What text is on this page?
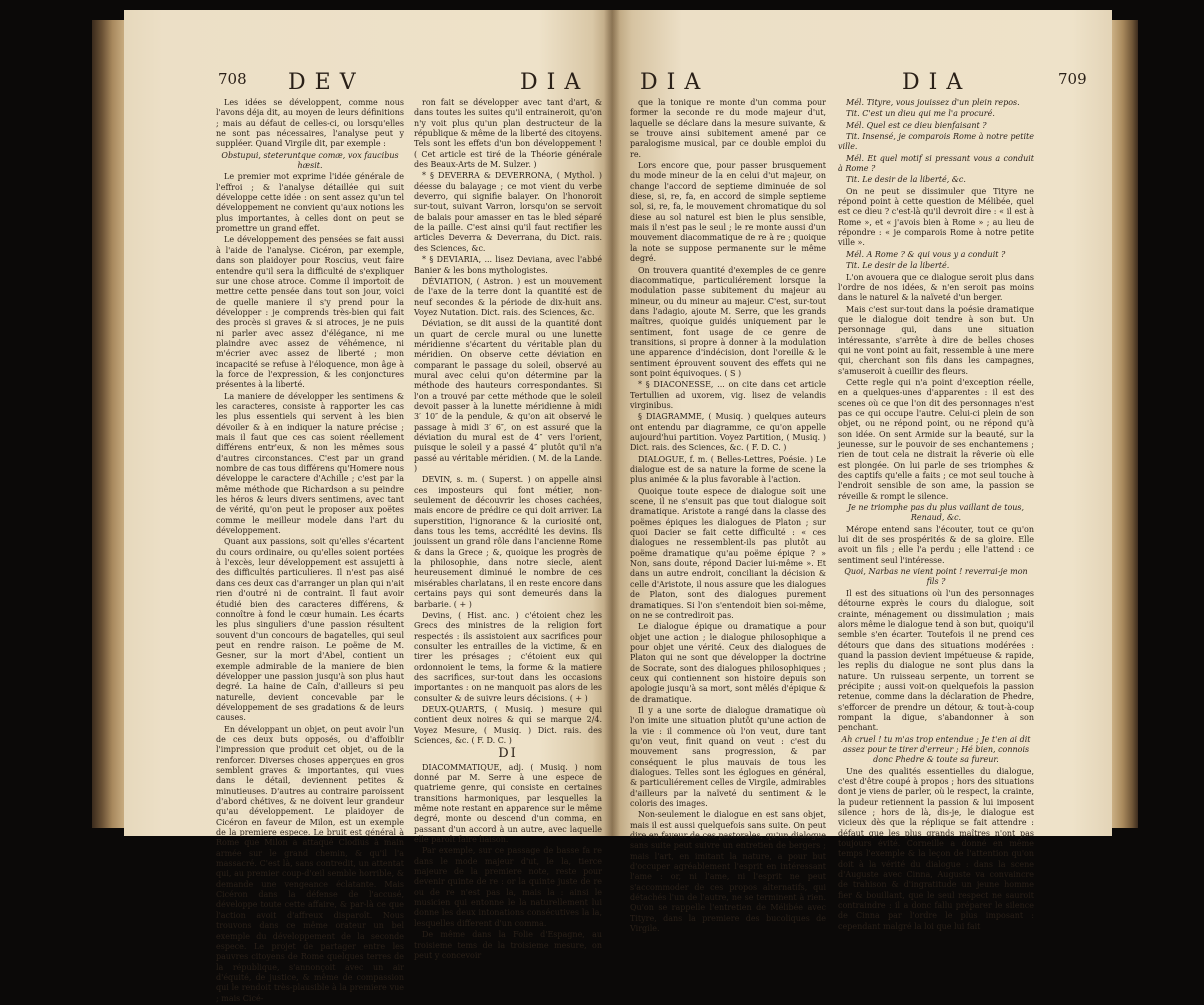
708 DEV	DIA

Les idées se développent, comme nous l'avons déja dit, au moyen de leurs définitions ; mais au défaut de celles-ci, ou lorsqu'elles ne sont pas nécessaires, l'analyse peut y suppléer. Quand Virgile dit, par exemple :

Obstupui, steteruntque comæ, vox faucibus hæsit.

Le premier mot exprime l'idée générale de l'effroi ; & l'analyse détaillée qui suit développe cette idée : on sent assez qu'un tel développement ne convient qu'aux notions les plus importantes, à celles dont on peut se promettre un grand effet.

Le développement des pensées se fait aussi à l'aide de l'analyse. Cicéron, par exemple, dans son plaidoyer pour Roscius, veut faire entendre qu'il sera la difficulté de s'expliquer sur une chose atroce. Comme il importoit de mettre cette pensée dans tout son jour, voici de quelle maniere il s'y prend pour la développer : je comprends très-bien qui fait des procès si graves & si atroces, je ne puis ni parler avec assez d'élégance, ni me plaindre avec assez de véhémence, ni m'écrier avec assez de liberté ; mon incapacité se refuse à l'éloquence, mon âge à la force de l'expression, & les conjonctures présentes à la liberté.

La maniere de développer les sentimens & les caracteres, consiste à rapporter les cas les plus essentiels qui servent à les bien dévoiler & à en indiquer la nature précise ; mais il faut que ces cas soient réellement différens entr'eux, & non les mêmes sous d'autres circonstances. C'est par un grand nombre de cas tous différens qu'Homere nous développe le caractere d'Achille ; c'est par la même méthode que Richardson a su peindre les héros & leurs divers sentimens, avec tant de vérité, qu'on peut le proposer aux poëtes comme le meilleur modele dans l'art du développement.

Quant aux passions, soit qu'elles s'écartent du cours ordinaire, ou qu'elles soient portées à l'excès, leur développement est assujetti à des difficultés particulieres. Il n'est pas aisé dans ces deux cas d'arranger un plan qui n'ait rien d'outré ni de contraint. Il faut avoir étudié bien des caracteres différens, & connoître à fond le cœur humain. Les écarts les plus singuliers d'une passion résultent souvent d'un concours de bagatelles, qui seul peut en rendre raison. Le poëme de M. Gesner, sur la mort d'Abel, contient un exemple admirable de la maniere de bien développer une passion jusqu'à son plus haut degré. La haine de Caïn, d'ailleurs si peu naturelle, devient concevable par le développement de ses gradations & de leurs causes.

En développant un objet, on peut avoir l'un de ces deux buts opposés, ou d'affoiblir l'impression que produit cet objet, ou de la renforcer. Diverses choses apperçues en gros semblent graves & importantes, qui vues dans le détail, deviennent petites & minutieuses. D'autres au contraire paroissent d'abord chétives, & ne doivent leur grandeur qu'au développement. Le plaidoyer de Cicéron en faveur de Milon, est un exemple de la premiere espece. Le bruit est général à Rome que Milon a attaqué Clodius à main armée sur le grand chemin, & qu'il l'a massacré. C'est là, sans contredit, un attentat qui, au premier coup-d'œil semble horrible, & demande une vengeance éclatante. Mais Cicéron dans la défense de l'accusé, développe toute cette affaire, & par-là ce que l'action avoit d'affreux disparoît. Nous trouvons dans ce même orateur un bel exemple du développement de la seconde espece. Le projet de partager entre les pauvres citoyens de Rome quelques terres de la république, s'annonçoit avec un air d'équité, de justice, & même de compassion qui le rendoit très-plausible à la premiere vue ; mais Cicé-

ron fait se développer avec tant d'art, & dans toutes les suites qu'il entraineroit, qu'on n'y voit plus qu'un plan destructeur de la république & même de la liberté des citoyens. Tels sont les effets d'un bon développement ! ( Cet article est tiré de la Théorie générale des Beaux-Arts de M. Sulzer. )

* § DEVERRA & DEVERRONA, ( Mythol. ) déesse du balayage ; ce mot vient du verbe deverro, qui signifie balayer. On l'honoroit sur-tout, suivant Varron, lorsqu'on se servoit de balais pour amasser en tas le bled séparé de la paille. C'est ainsi qu'il faut rectifier les articles Deverra & Deverrana, du Dict. rais. des Sciences, &c.

* § DEVIARIA, ... lisez Deviana, avec l'abbé Banier & les bons mythologistes.

DÉVIATION, ( Astron. ) est un mouvement de l'axe de la terre dont la quantité est de neuf secondes & la période de dix-huit ans. Voyez Nutation. Dict. rais. des Sciences, &c.

Déviation, se dit aussi de la quantité dont un quart de cercle mural ou une lunette méridienne s'écartent du véritable plan du méridien. On observe cette déviation en comparant le passage du soleil, observé au mural avec celui qu'on détermine par la méthode des hauteurs correspondantes. Si l'on a trouvé par cette méthode que le soleil devoit passer à la lunette méridienne à midi 3′ 10″ de la pendule, & qu'on ait observé le passage à midi 3′ 6″, on est assuré que la déviation du mural est de 4″ vers l'orient, puisque le soleil y a passé 4″ plutôt qu'il n'a passé au véritable méridien. ( M. de la Lande. )

DEVIN, s. m. ( Superst. ) on appelle ainsi ces imposteurs qui font métier, non-seulement de découvrir les choses cachées, mais encore de prédire ce qui doit arriver. La superstition, l'ignorance & la curiosité ont, dans tous les tems, accrédité les devins. Ils jouissent un grand rôle dans l'ancienne Rome & dans la Grece ; &, quoique les progrès de la philosophie, dans notre siecle, aient heureusement diminué le nombre de ces misérables charlatans, il en reste encore dans certains pays qui sont demeurés dans la barbarie. ( + )

Devins, ( Hist. anc. ) c'étoient chez les Grecs des ministres de la religion fort respectés : ils assistoient aux sacrifices pour consulter les entrailles de la victime, & en tirer les présages ; c'étoient eux qui ordonnoient le tems, la forme & la matiere des sacrifices, sur-tout dans les occasions importantes : on ne manquoit pas alors de les consulter & de suivre leurs décisions. ( + )

DEUX-QUARTS, ( Musiq. ) mesure qui contient deux noires & qui se marque 2/4. Voyez Mesure, ( Musiq. ) Dict. rais. des Sciences, &c. ( F. D. C. )

DI

DIACOMMATIQUE, adj. ( Musiq. ) nom donné par M. Serre à une espece de quatrieme genre, qui consiste en certaines transitions harmoniques, par lesquelles la même note restant en apparence sur le même degré, monte ou descend d'un comma, en passant d'un accord à un autre, avec laquelle elle paroît faire liaison.

Par exemple, sur ce passage de basse fa re dans le mode majeur d'ut, le la, tierce majeure de la premiere note, reste pour devenir quinte de re : or la quinte juste de re ou de re n'est pas la, mais la : ainsi le musicien qui entonne le la naturellement lui donne les deux intonations consécutives la la, lesquelles different d'un comma.

De même dans la Folie d'Espagne, au troisieme tems de la troisieme mesure, on peut y concevoir

DIA	DIA	709

que la tonique re monte d'un comma pour former la seconde re du mode majeur d'ut, laquelle se déclare dans la mesure suivante, & se trouve ainsi subitement amené par ce paralogisme musical, par ce double emploi du re.

Lors encore que, pour passer brusquement du mode mineur de la en celui d'ut majeur, on change l'accord de septieme diminuée de sol diese, si, re, fa, en accord de simple septieme sol, si, re, fa, le mouvement chromatique du sol diese au sol naturel est bien le plus sensible, mais il n'est pas le seul ; le re monte aussi d'un mouvement diacommatique de re à re ; quoique la note se suppose permanente sur le même degré.

On trouvera quantité d'exemples de ce genre diacommatique, particuliérement lorsque la modulation passe subitement du majeur au mineur, ou du mineur au majeur. C'est, sur-tout dans l'adagio, ajoute M. Serre, que les grands maîtres, quoique guidés uniquement par le sentiment, font usage de ce genre de transitions, si propre à donner à la modulation une apparence d'indécision, dont l'oreille & le sentiment éprouvent souvent des effets qui ne sont point équivoques. ( S )

* § DIACONESSE, ... on cite dans cet article Tertullien ad uxorem, vig. lisez de velandis virginibus.

§ DIAGRAMME, ( Musiq. ) quelques auteurs ont entendu par diagramme, ce qu'on appelle aujourd'hui partition. Voyez Partition, ( Musiq. ) Dict. rais. des Sciences, &c. ( F. D. C. )

DIALOGUE, f. m. ( Belles-Lettres, Poésie. ) Le dialogue est de sa nature la forme de scene la plus animée & la plus favorable à l'action.

Quoique toute espece de dialogue soit une scene, il ne s'ensuit pas que tout dialogue soit dramatique. Aristote a rangé dans la classe des poëmes épiques les dialogues de Platon ; sur quoi Dacier se fait cette difficulté : « ces dialogues ne ressemblent-ils pas plutôt au poëme dramatique qu'au poëme épique ? » Non, sans doute, répond Dacier lui-même ». Et dans un autre endroit, conciliant la décision & celle d'Aristote, il nous assure que les dialogues de Platon, sont des dialogues purement dramatiques. Si l'on s'entendoit bien soi-même, on ne se contrediroit pas.

Le dialogue épique ou dramatique a pour objet une action ; le dialogue philosophique a pour objet une vérité. Ceux des dialogues de Platon qui ne sont que développer la doctrine de Socrate, sont des dialogues philosophiques ; ceux qui contiennent son histoire depuis son apologie jusqu'à sa mort, sont mêlés d'épique & de dramatique.

Il y a une sorte de dialogue dramatique où l'on imite une situation plutôt qu'une action de la vie : il commence où l'on veut, dure tant qu'on veut, finit quand on veut : c'est du mouvement sans progression, & par conséquent le plus mauvais de tous les dialogues. Telles sont les églogues en général, & particuliérement celles de Virgile, admirables d'ailleurs par la naïveté du sentiment & le coloris des images.

Non-seulement le dialogue en est sans objet, mais il est aussi quelquefois sans suite. On peut dire en faveur de ces pastorales, qu'un dialogue sans suite peut suivre un entretien de bergers ; mais l'art, en imitant la nature, a pour but d'occuper agréablement l'esprit en intéressant l'ame : or, ni l'ame, ni l'esprit ne peut s'accommoder de ces propos alternatifs, qui détachés l'un de l'autre, ne se terminent à rien. Qu'on se rappelle l'entretien de Mélibée avec Tityre, dans la premiere des bucoliques de Virgile.

Mél. Tityre, vous jouissez d'un plein repos.

Tit. C'est un dieu qui me l'a procuré.

Mél. Quel est ce dieu bienfaisant ?

Tit. Insensé, je comparois Rome à notre petite ville.

Mél. Et quel motif si pressant vous a conduit à Rome ?

Tit. Le desir de la liberté, &c.

On ne peut se dissimuler que Tityre ne répond point à cette question de Mélibée, quel est ce dieu ? c'est-là qu'il devroit dire : « il est à Rome », et « j'avois bien à Rome » ; au lieu de répondre : « je comparois Rome à notre petite ville ».

Mél. A Rome ? & qui vous y a conduit ?

Tit. Le desir de la liberté.

L'on avouera que ce dialogue seroit plus dans l'ordre de nos idées, & n'en seroit pas moins dans le naturel & la naïveté d'un berger.

Mais c'est sur-tout dans la poésie dramatique que le dialogue doit tendre à son but. Un personnage qui, dans une situation intéressante, s'arrête à dire de belles choses qui ne vont point au fait, ressemble à une mere qui, cherchant son fils dans les campagnes, s'amuseroit à cueillir des fleurs.

Cette regle qui n'a point d'exception réelle, en a quelques-unes d'apparentes : il est des scenes où ce que l'on dit des personnages n'est pas ce qui occupe l'autre. Celui-ci plein de son objet, ou ne répond point, ou ne répond qu'à son idée. On sent Armide sur la beauté, sur la jeunesse, sur le pouvoir de ses enchantemens ; rien de tout cela ne distrait la rêverie où elle est plongée. On lui parle de ses triomphes & des captifs qu'elle a faits ; ce mot seul touche à l'endroit sensible de son ame, la passion se réveille & rompt le silence.

Je ne triomphe pas du plus vaillant de tous, Renaud, &c.

Mérope entend sans l'écouter, tout ce qu'on lui dit de ses prospérités & de sa gloire. Elle avoit un fils ; elle l'a perdu ; elle l'attend : ce sentiment seul l'intéresse.

Quoi, Narbas ne vient point ! reverrai-je mon fils ?

Il est des situations où l'un des personnages détourne exprès le cours du dialogue, soit crainte, ménagement ou dissimulation ; mais alors même le dialogue tend à son but, quoiqu'il semble s'en écarter. Toutefois il ne prend ces détours que dans des situations modérées : quand la passion devient impétueuse & rapide, les replis du dialogue ne sont plus dans la nature. Un ruisseau serpente, un torrent se précipite ; aussi voit-on quelquefois la passion retenue, comme dans la déclaration de Phedre, s'efforcer de prendre un détour, & tout-à-coup rompant la digue, s'abandonner à son penchant.

Ah cruel ! tu m'as trop entendue ; Je t'en ai dit assez pour te tirer d'erreur ; Hé bien, connois donc Phedre & toute sa fureur.

Une des qualités essentielles du dialogue, c'est d'être coupé à propos ; hors des situations dont je viens de parler, où le respect, la crainte, la pudeur retiennent la passion & lui imposent silence ; hors de là, dis-je, le dialogue est vicieux dès que la réplique se fait attendre : défaut que les plus grands maîtres n'ont pas toujours évité. Corneille a donné en même temps l'exemple & la leçon de l'attention qu'on doit à la vérité du dialogue : dans la scene d'Auguste avec Cinna, Auguste va convaincre de trahison & d'ingratitude un jeune homme fier & bouillant, que le seul respect ne sauroit contraindre : il a donc fallu préparer le silence de Cinna par l'ordre le plus imposant : cependant malgré la loi que lui fait
